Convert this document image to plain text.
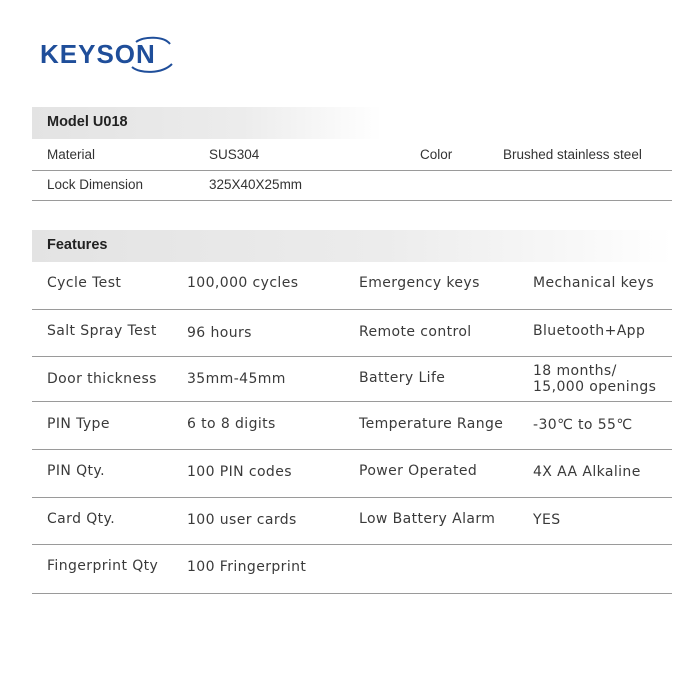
KEYSON
Model U018
Material	SUS304	Color	Brushed stainless steel
Lock Dimension	325X40X25mm
Features
Cycle Test	100,000 cycles	Emergency keys	Mechanical keys
Salt Spray Test 96 hours	Remote control	Bluetooth+App
Door thickness 35mm-45mm	Battery Life	18 months/
15,000 openings
PIN Type	6 to 8 digits	Temperature Range -30℃ to 55℃
PIN Qty.	100 PIN codes	Power Operated	4X AA Alkaline
Card Qty.	100 user cards	Low Battery Alarm	YES
Fingerprint Qty 100 Fringerprint
